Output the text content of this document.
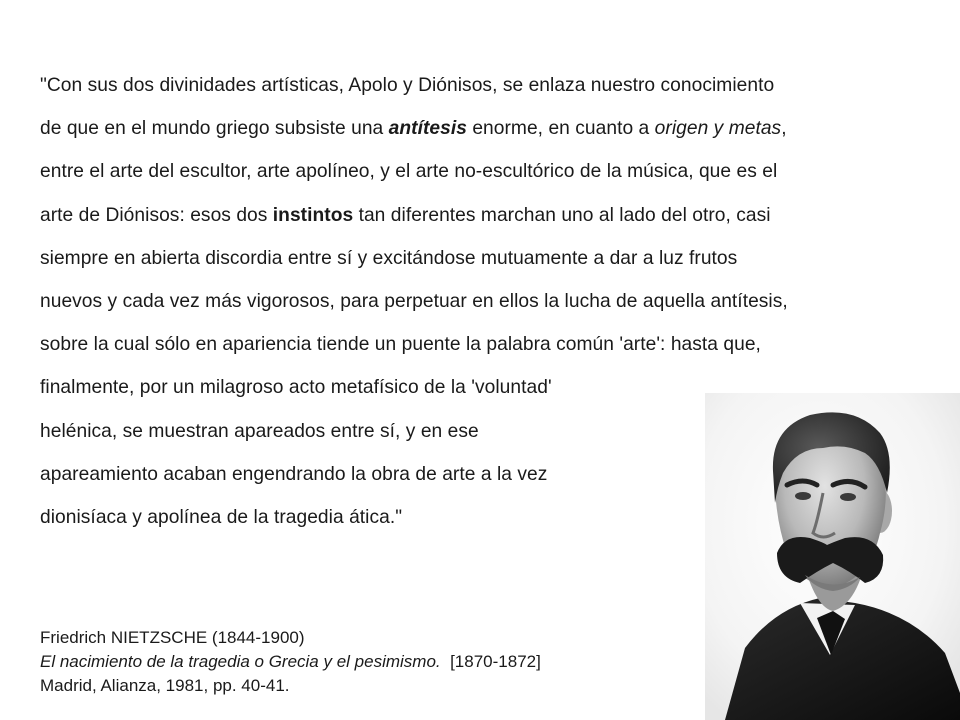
"Con sus dos divinidades artísticas, Apolo y Diónisos, se enlaza nuestro conocimiento
de que en el mundo griego subsiste una antítesis enorme, en cuanto a origen y metas,
entre el arte del escultor, arte apolíneo, y el arte no-escultórico de la música, que es el
arte de Diónisos: esos dos instintos tan diferentes marchan uno al lado del otro, casi
siempre en abierta discordia entre sí y excitándose mutuamente a dar a luz frutos
nuevos y cada vez más vigorosos, para perpetuar en ellos la lucha de aquella antítesis,
sobre la cual sólo en apariencia tiende un puente la palabra común 'arte': hasta que,
finalmente, por un milagroso acto metafísico de la 'voluntad'
helénica, se muestran apareados entre sí, y en ese
apareamiento acaban engendrando la obra de arte a la vez
dionisíaca y apolínea de la tragedia ática."
Friedrich NIETZSCHE (1844-1900)
El nacimiento de la tragedia o Grecia y el pesimismo.  [1870-1872]
Madrid, Alianza, 1981, pp. 40-41.
